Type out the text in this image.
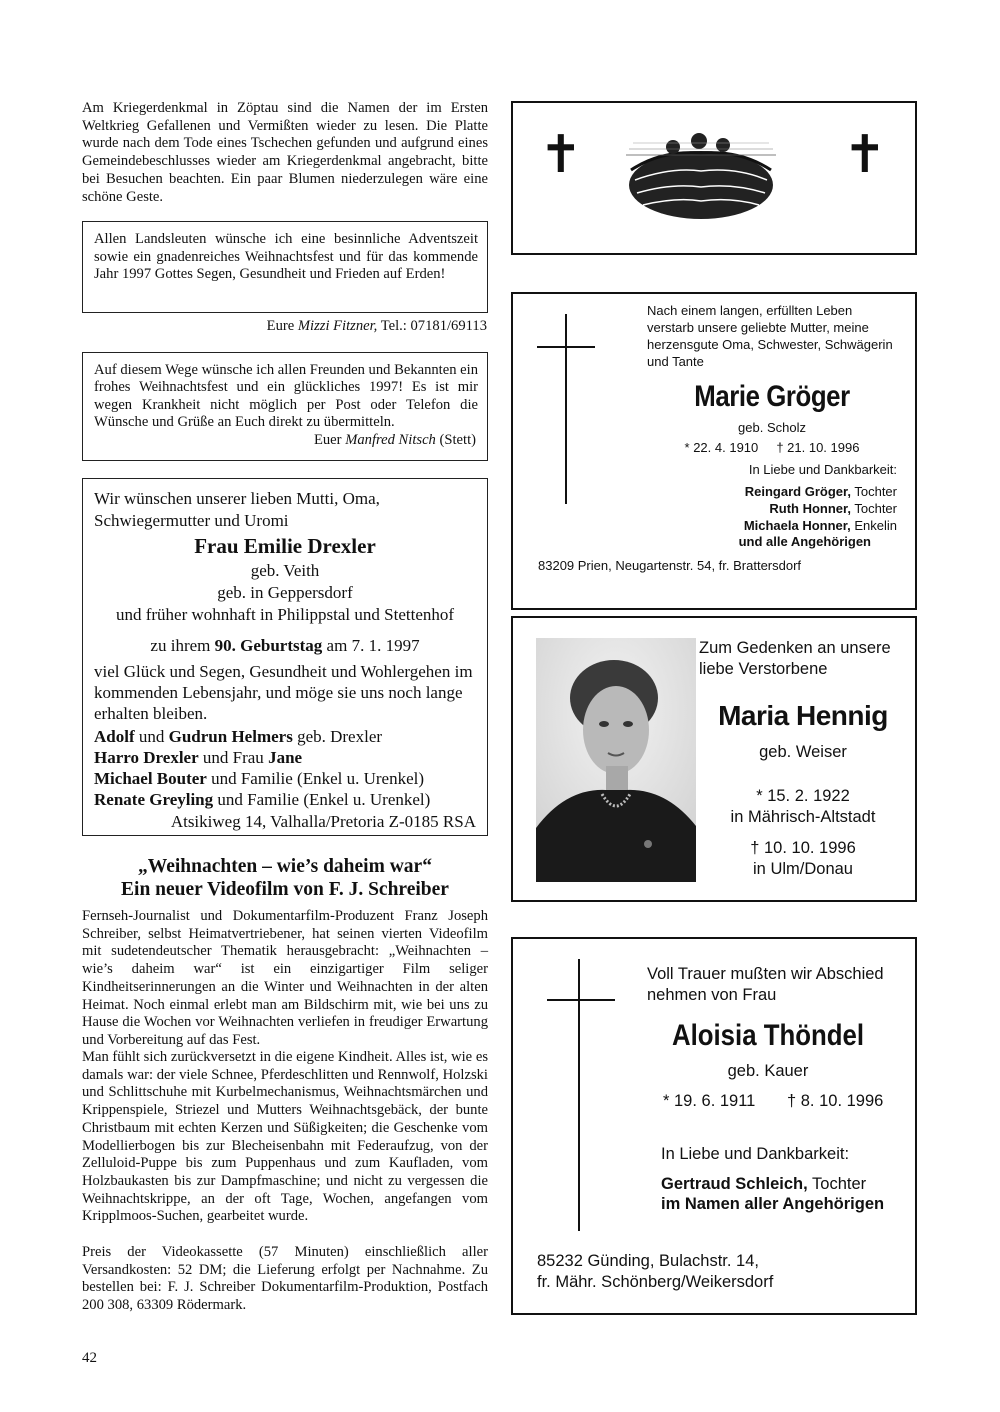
Am Kriegerdenkmal in Zöptau sind die Namen der im Ersten Weltkrieg Gefallenen und Vermißten wieder zu lesen. Die Platte wurde nach dem Tode eines Tschechen gefunden und aufgrund eines Gemeindebeschlusses wieder am Kriegerdenkmal angebracht, bitte bei Besuchen beachten. Ein paar Blumen niederzulegen wäre eine schöne Geste.

Allen Landsleuten wünsche ich eine besinnliche Adventszeit sowie ein gnadenreiches Weihnachtsfest und für das kommende Jahr 1997 Gottes Segen, Gesundheit und Frieden auf Erden!

Eure Mizzi Fitzner, Tel.: 07181/69113

Auf diesem Wege wünsche ich allen Freunden und Bekannten ein frohes Weihnachtsfest und ein glückliches 1997! Es ist mir wegen Krankheit nicht möglich per Post oder Telefon die Wünsche und Grüße an Euch direkt zu übermitteln.

Euer Manfred Nitsch (Stett)

Wir wünschen unserer lieben Mutti, Oma, Schwiegermutter und Uromi

Frau Emilie Drexler

geb. Veith

geb. in Geppersdorf

und früher wohnhaft in Philippstal und Stettenhof

zu ihrem 90. Geburtstag am 7. 1. 1997

viel Glück und Segen, Gesundheit und Wohlergehen im kommenden Lebensjahr, und möge sie uns noch lange erhalten bleiben.

Adolf und Gudrun Helmers geb. Drexler

Harro Drexler und Frau Jane

Michael Bouter und Familie (Enkel u. Urenkel)

Renate Greyling und Familie (Enkel u. Urenkel)

Atsikiweg 14, Valhalla/Pretoria Z-0185 RSA

„Weihnachten – wie’s daheim war“

Ein neuer Videofilm von F. J. Schreiber

Fernseh-Journalist und Dokumentarfilm-Produzent Franz Joseph Schreiber, selbst Heimatvertriebener, hat seinen vierten Videofilm mit sudetendeutscher Thematik herausgebracht: „Weihnachten – wie’s daheim war“ ist ein einzigartiger Film seliger Kindheitserinnerungen an die Winter und Weihnachten in der alten Heimat. Noch einmal erlebt man am Bildschirm mit, wie bei uns zu Hause die Wochen vor Weihnachten verliefen in freudiger Erwartung und Vorbereitung auf das Fest.

Man fühlt sich zurückversetzt in die eigene Kindheit. Alles ist, wie es damals war: der viele Schnee, Pferdeschlitten und Rennwolf, Holzski und Schlittschuhe mit Kurbelmechanismus, Weihnachtsmärchen und Krippenspiele, Striezel und Mutters Weihnachtsgebäck, der bunte Christbaum mit echten Kerzen und Süßigkeiten; die Geschenke vom Modellierbogen bis zur Blecheisenbahn mit Federaufzug, von der Zelluloid-Puppe bis zum Puppenhaus und zum Kaufladen, vom Holzbaukasten bis zur Dampfmaschine; und nicht zu vergessen die Weihnachtskrippe, an der oft Tage, Wochen, angefangen vom Kripplmoos-Suchen, gearbeitet wurde.

Preis der Videokassette (57 Minuten) einschließlich aller Versandkosten: 52 DM; die Lieferung erfolgt per Nachnahme. Zu bestellen bei: F. J. Schreiber Dokumentarfilm-Produktion, Postfach 200 308, 63309 Rödermark.

42

✝	✝

Nach einem langen, erfüllten Leben verstarb unsere geliebte Mutter, meine herzensgute Oma, Schwester, Schwägerin und Tante

Marie Gröger

geb. Scholz

* 22. 4. 1910     † 21. 10. 1996

In Liebe und Dankbarkeit:

Reingard Gröger, Tochter

Ruth Honner, Tochter

Michaela Honner, Enkelin

und alle Angehörigen

83209 Prien, Neugartenstr. 54, fr. Brattersdorf

Zum Gedenken an unsere liebe Verstorbene

Maria Hennig

geb. Weiser

* 15. 2. 1922

in Mährisch-Altstadt

† 10. 10. 1996

in Ulm/Donau

Voll Trauer mußten wir Abschied nehmen von Frau

Aloisia Thöndel

geb. Kauer

* 19. 6. 1911 † 8. 10. 1996

In Liebe und Dankbarkeit:

Gertraud Schleich, Tochter

im Namen aller Angehörigen

85232 Günding, Bulachstr. 14,

fr. Mähr. Schönberg/Weikersdorf
